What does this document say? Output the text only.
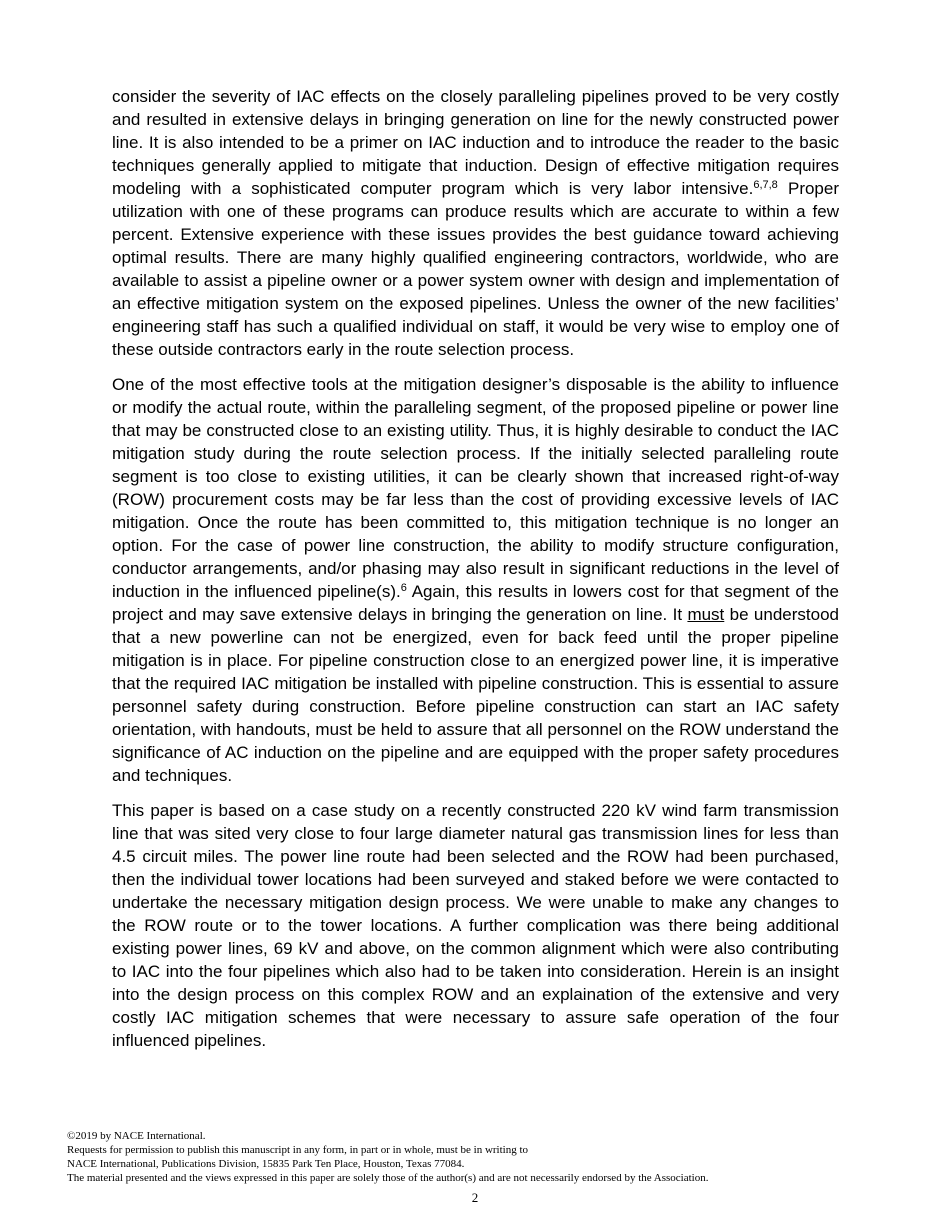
consider the severity of IAC effects on the closely paralleling pipelines proved to be very costly and resulted in extensive delays in bringing generation on line for the newly constructed power line. It is also intended to be a primer on IAC induction and to introduce the reader to the basic techniques generally applied to mitigate that induction. Design of effective mitigation requires modeling with a sophisticated computer program which is very labor intensive.$^{6,7,8}$ Proper utilization with one of these programs can produce results which are accurate to within a few percent. Extensive experience with these issues provides the best guidance toward achieving optimal results. There are many highly qualified engineering contractors, worldwide, who are available to assist a pipeline owner or a power system owner with design and implementation of an effective mitigation system on the exposed pipelines. Unless the owner of the new facilities’ engineering staff has such a qualified individual on staff, it would be very wise to employ one of these outside contractors early in the route selection process.

One of the most effective tools at the mitigation designer’s disposable is the ability to influence or modify the actual route, within the paralleling segment, of the proposed pipeline or power line that may be constructed close to an existing utility. Thus, it is highly desirable to conduct the IAC mitigation study during the route selection process. If the initially selected paralleling route segment is too close to existing utilities, it can be clearly shown that increased right-of-way (ROW) procurement costs may be far less than the cost of providing excessive levels of IAC mitigation. Once the route has been committed to, this mitigation technique is no longer an option. For the case of power line construction, the ability to modify structure configuration, conductor arrangements, and/or phasing may also result in significant reductions in the level of induction in the influenced pipeline(s).$^6$ Again, this results in lowers cost for that segment of the project and may save extensive delays in bringing the generation on line. It must be understood that a new powerline can not be energized, even for back feed until the proper pipeline mitigation is in place. For pipeline construction close to an energized power line, it is imperative that the required IAC mitigation be installed with pipeline construction. This is essential to assure personnel safety during construction. Before pipeline construction can start an IAC safety orientation, with handouts, must be held to assure that all personnel on the ROW understand the significance of AC induction on the pipeline and are equipped with the proper safety procedures and techniques.

This paper is based on a case study on a recently constructed 220 kV wind farm transmission line that was sited very close to four large diameter natural gas transmission lines for less than 4.5 circuit miles. The power line route had been selected and the ROW had been purchased, then the individual tower locations had been surveyed and staked before we were contacted to undertake the necessary mitigation design process. We were unable to make any changes to the ROW route or to the tower locations. A further complication was there being additional existing power lines, 69 kV and above, on the common alignment which were also contributing to IAC into the four pipelines which also had to be taken into consideration. Herein is an insight into the design process on this complex ROW and an explaination of the extensive and very costly IAC mitigation schemes that were necessary to assure safe operation of the four influenced pipelines.

©2019 by NACE International.
Requests for permission to publish this manuscript in any form, in part or in whole, must be in writing to
NACE International, Publications Division, 15835 Park Ten Place, Houston, Texas 77084.
The material presented and the views expressed in this paper are solely those of the author(s) and are not necessarily endorsed by the Association.
2
